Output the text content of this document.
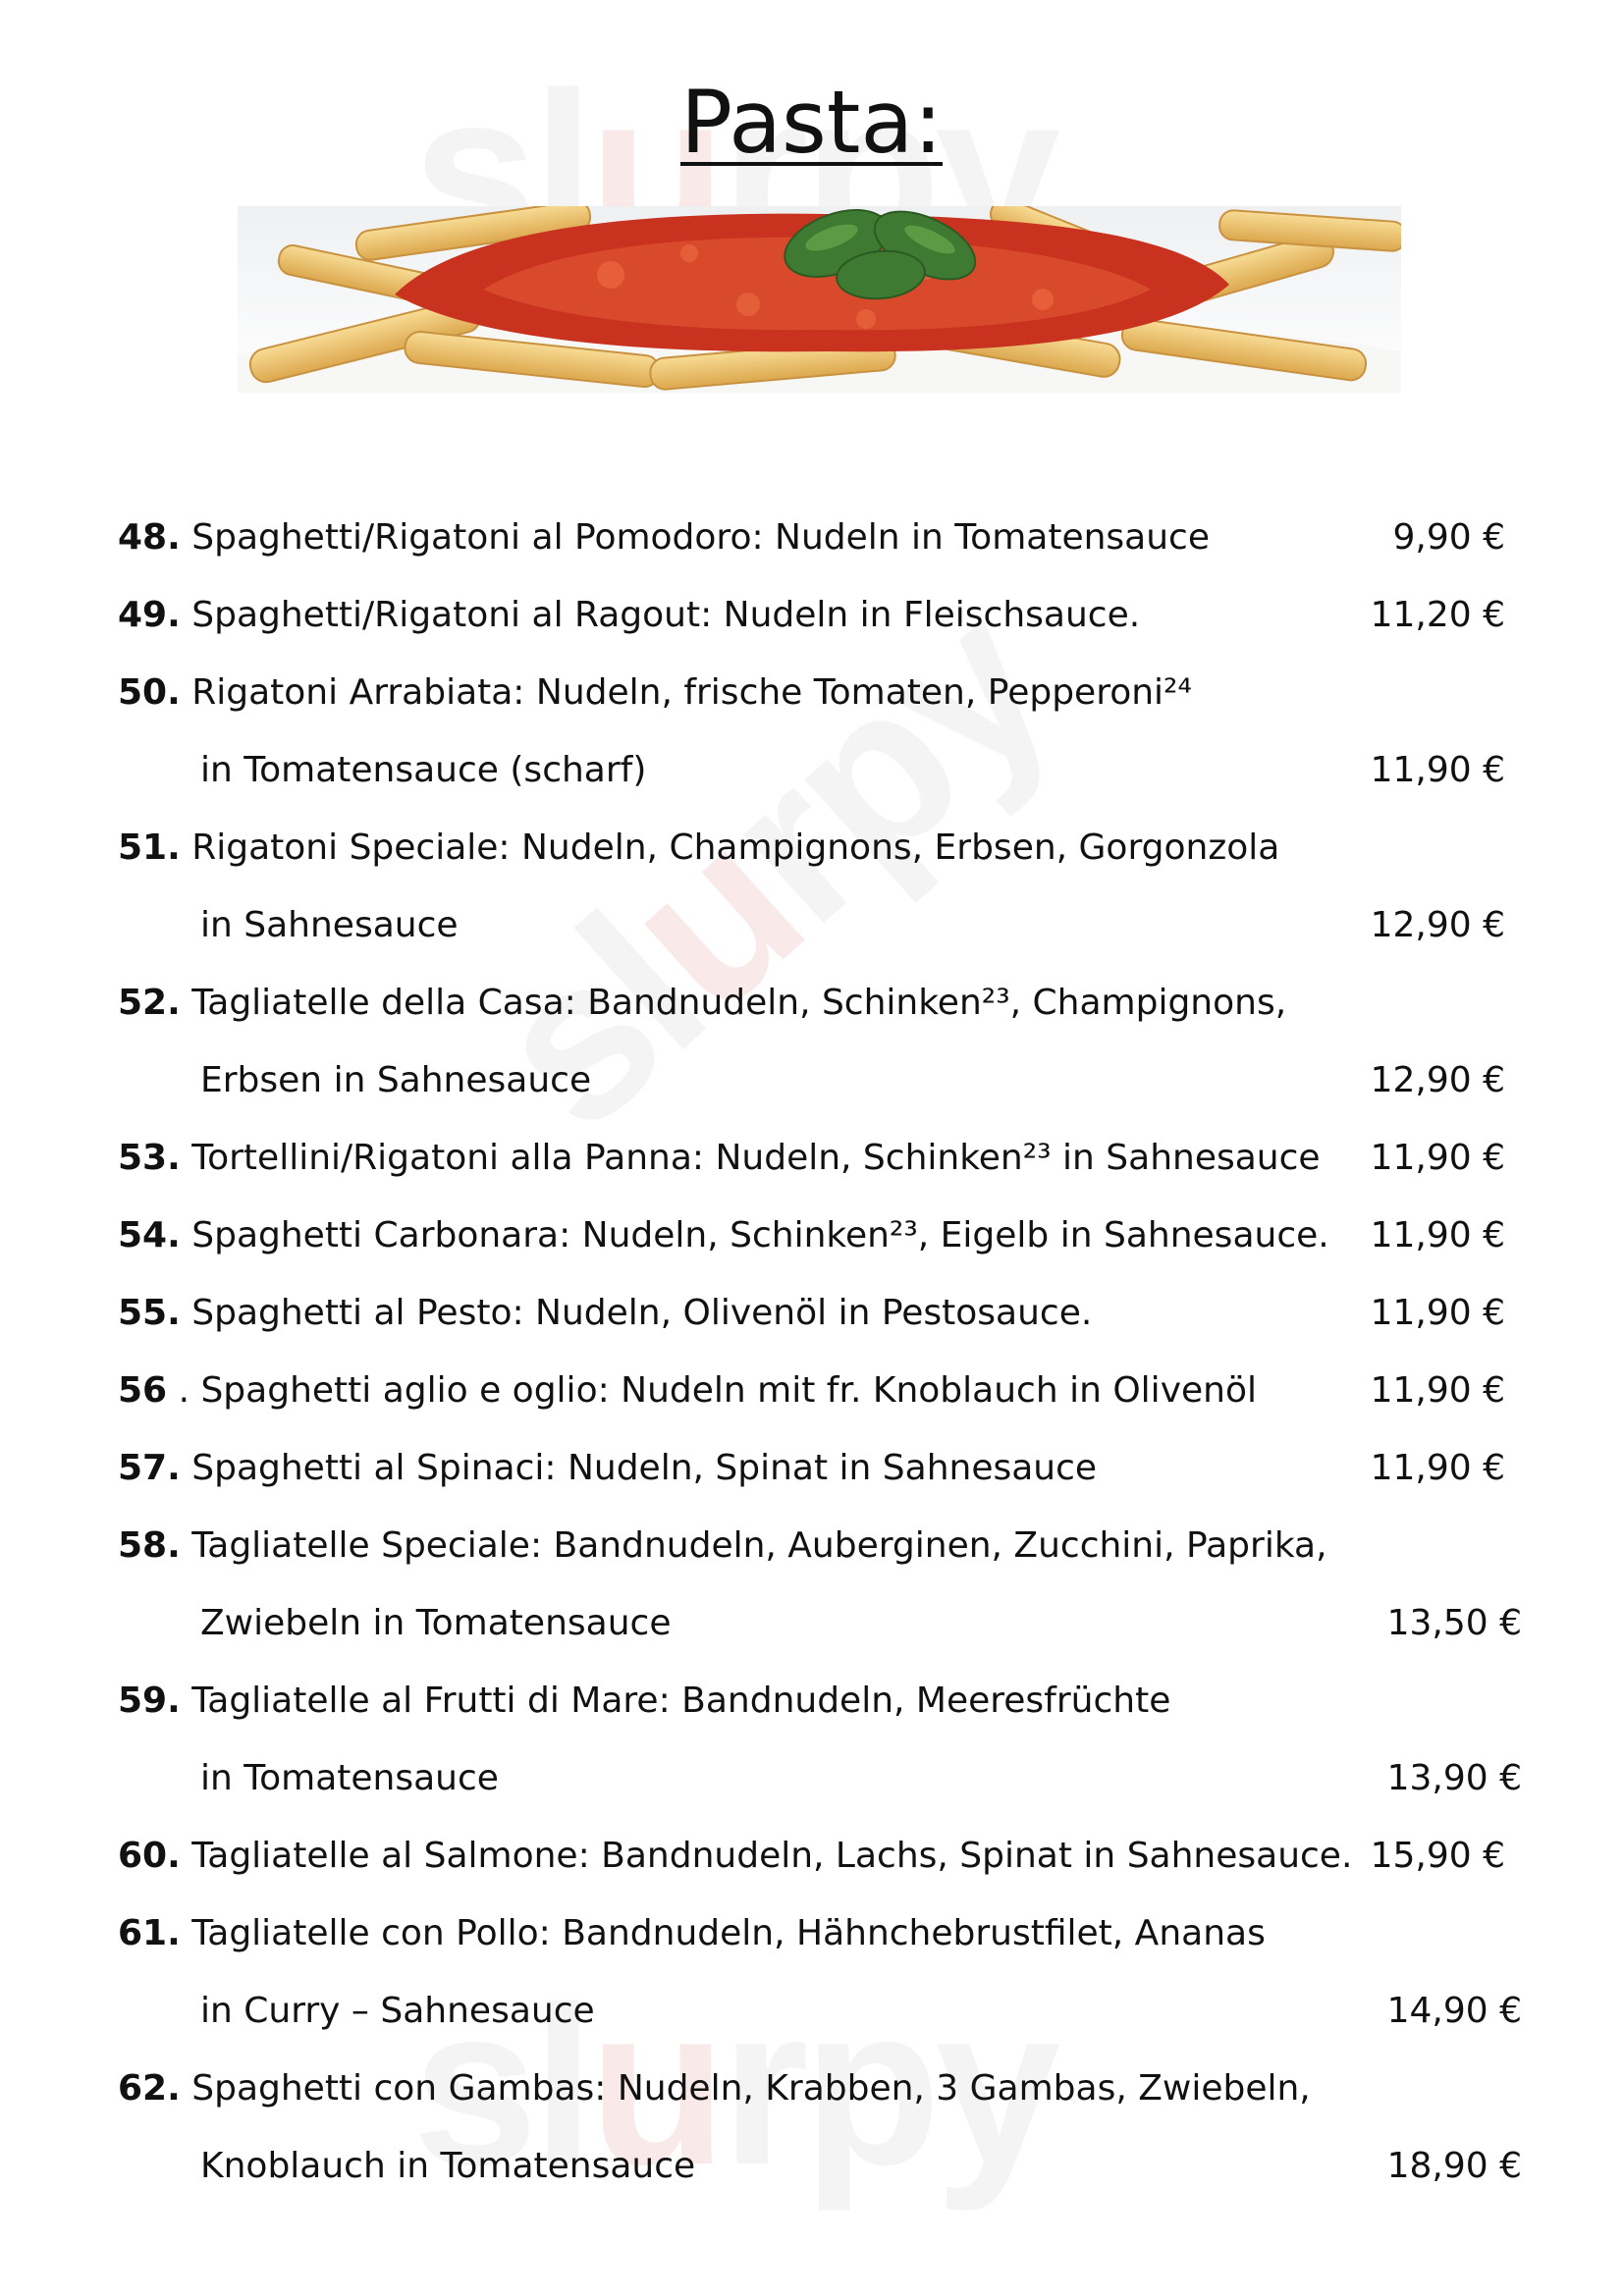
u
u
u
Pasta:
48. Spaghetti/Rigatoni al Pomodoro: Nudeln in Tomatensauce	9,90 €
49. Spaghetti/Rigatoni al Ragout: Nudeln in Fleischsauce.	11,20 €
50. Rigatoni Arrabiata: Nudeln, frische Tomaten, Pepperoni²⁴
in Tomatensauce (scharf)	11,90 €
51. Rigatoni Speciale: Nudeln, Champignons, Erbsen, Gorgonzola
in Sahnesauce	12,90 €
52. Tagliatelle della Casa: Bandnudeln, Schinken²³, Champignons,
Erbsen in Sahnesauce	12,90 €
53. Tortellini/Rigatoni alla Panna: Nudeln, Schinken²³ in Sahnesauce 11,90 €
54. Spaghetti Carbonara: Nudeln, Schinken²³, Eigelb in Sahnesauce. 11,90 €
55. Spaghetti al Pesto: Nudeln, Olivenöl in Pestosauce.	11,90 €
56 . Spaghetti aglio e oglio: Nudeln mit fr. Knoblauch in Olivenöl	11,90 €
57. Spaghetti al Spinaci: Nudeln, Spinat in Sahnesauce	11,90 €
58. Tagliatelle Speciale: Bandnudeln, Auberginen, Zucchini, Paprika,
Zwiebeln in Tomatensauce	13,50 €
59. Tagliatelle al Frutti di Mare: Bandnudeln, Meeresfrüchte
in Tomatensauce	13,90 €
60. Tagliatelle al Salmone: Bandnudeln, Lachs, Spinat in Sahnesauce. 15,90 €
61. Tagliatelle con Pollo: Bandnudeln, Hähnchebrustfilet, Ananas
in Curry – Sahnesauce	14,90 €
62. Spaghetti con Gambas: Nudeln, Krabben, 3 Gambas, Zwiebeln,
Knoblauch in Tomatensauce	18,90 €
